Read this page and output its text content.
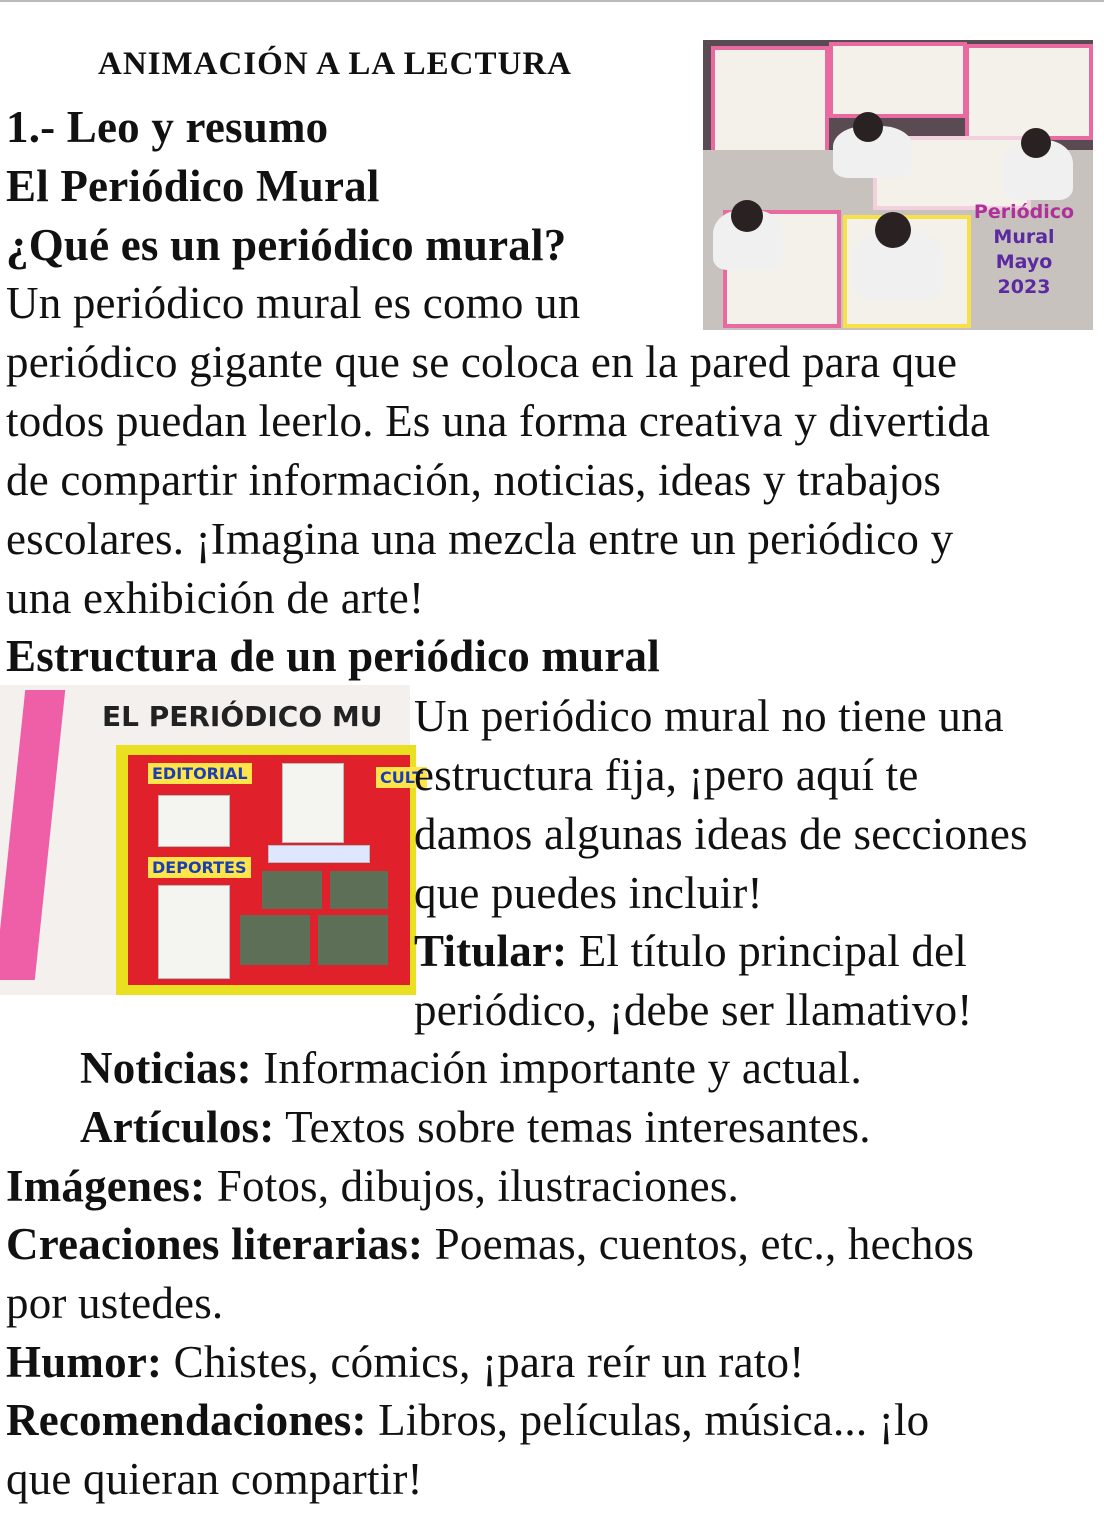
ANIMACIÓN A LA LECTURA
Periódico
Mural
Mayo
2023
1.- Leo y resumo
El Periódico Mural
¿Qué es un periódico mural?
Un periódico mural es como un
periódico gigante que se coloca en la pared para que
todos puedan leerlo. Es una forma creativa y divertida
de compartir información, noticias, ideas y trabajos
escolares. ¡Imagina una mezcla entre un periódico y
una exhibición de arte!
Estructura de un periódico mural
EL PERIÓDICO MU
EDITORIAL
DEPORTES
CULT
Un periódico mural no tiene una
estructura fija, ¡pero aquí te
damos algunas ideas de secciones
que puedes incluir!
Titular: El título principal del
periódico, ¡debe ser llamativo!
Noticias: Información importante y actual.
Artículos: Textos sobre temas interesantes.
Imágenes: Fotos, dibujos, ilustraciones.
Creaciones literarias: Poemas, cuentos, etc., hechos
por ustedes.
Humor: Chistes, cómics, ¡para reír un rato!
Recomendaciones: Libros, películas, música... ¡lo
que quieran compartir!
